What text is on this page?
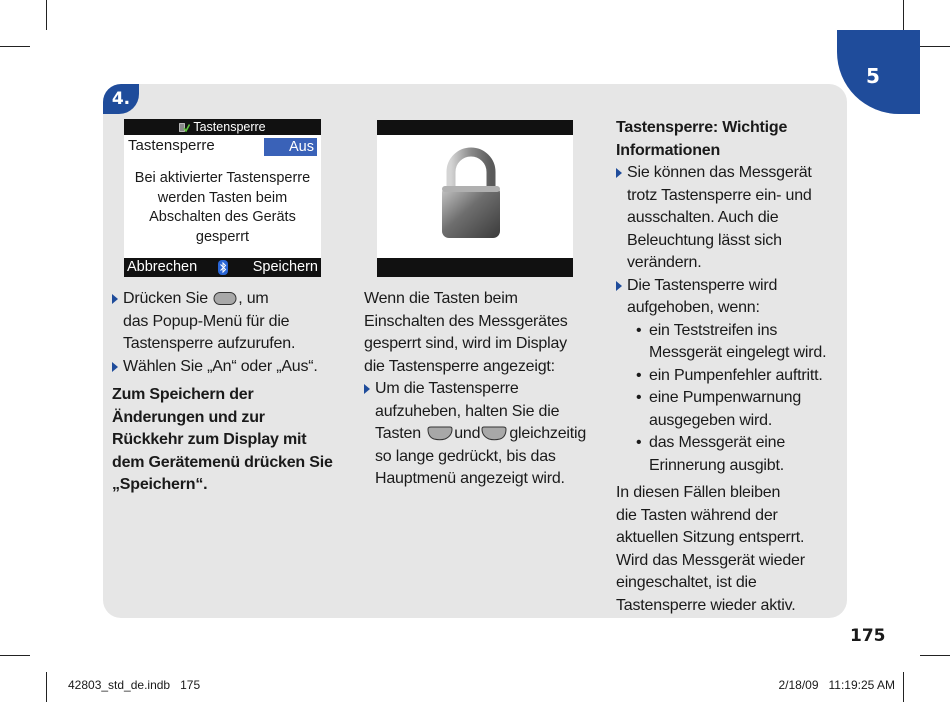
5
4.
Tastensperre
Tastensperre	Aus
Bei aktivierter Tastensperre werden Tasten beim Abschalten des Geräts gesperrt
Abbrechen	Speichern
Drücken Sie , um
das Popup-Menü für die
Tastensperre aufzurufen.
Wählen Sie „An“ oder „Aus“.

Zum Speichern der
Änderungen und zur
Rückkehr zum Display mit
dem Gerätemenü drücken Sie
„Speichern“.

Wenn die Tasten beim
Einschalten des Messgerätes
gesperrt sind, wird im Display
die Tastensperre angezeigt:

Um die Tastensperre
aufzuheben, halten Sie die
Tasten und gleichzeitig
so lange gedrückt, bis das
Hauptmenü angezeigt wird.

Tastensperre: Wichtige
Informationen

Sie können das Messgerät
trotz Tastensperre ein- und
ausschalten. Auch die
Beleuchtung lässt sich
verändern.
Die Tastensperre wird
aufgehoben, wenn:
• ein Teststreifen ins
Messgerät eingelegt wird.
• ein Pumpenfehler auftritt.
• eine Pumpenwarnung
ausgegeben wird.
• das Messgerät eine
Erinnerung ausgibt.

In diesen Fällen bleiben
die Tasten während der
aktuellen Sitzung entsperrt.
Wird das Messgerät wieder
eingeschaltet, ist die
Tastensperre wieder aktiv.

175
42803_std_de.indb   175	2/18/09   11:19:25 AM
